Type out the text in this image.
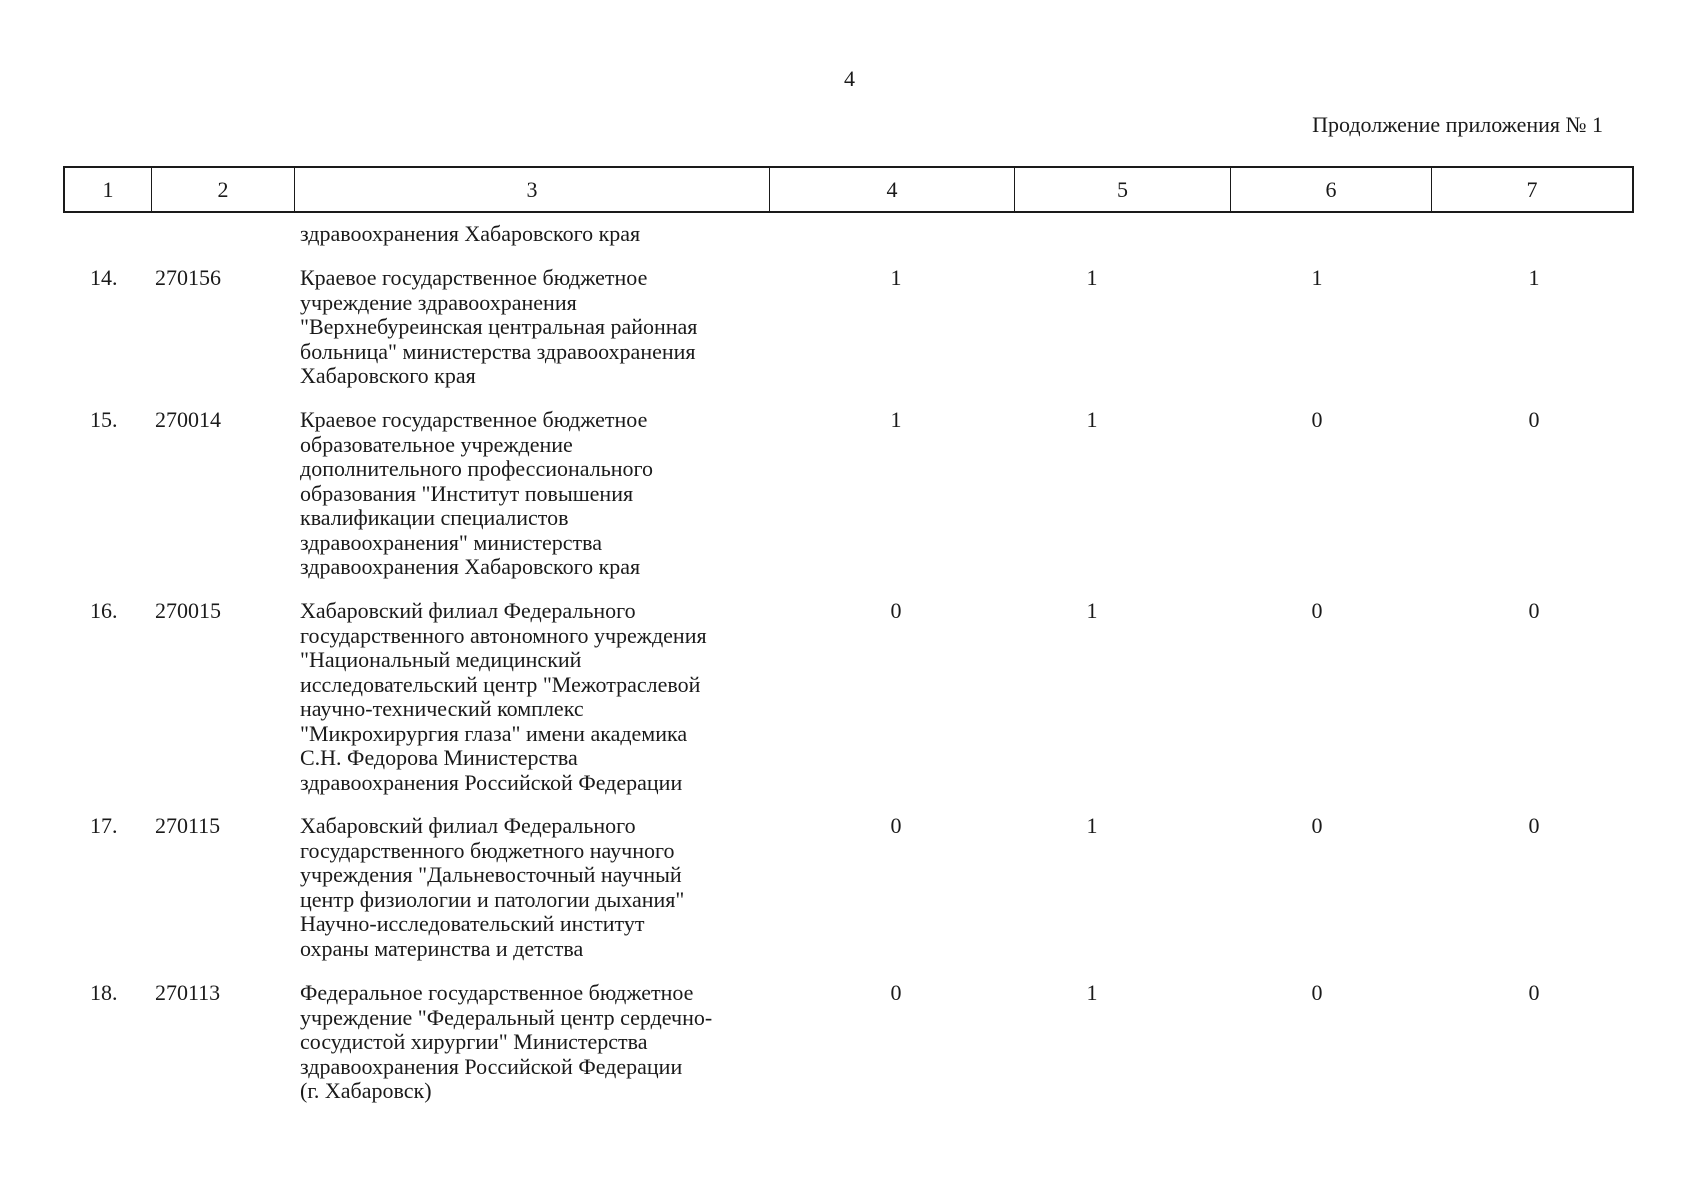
4
Продолжение приложения № 1
1	2	3	4	5	6	7
здравоохранения Хабаровского края
14.	270156	Краевое государственное бюджетное
учреждение здравоохранения
"Верхнебуреинская центральная районная
больница" министерства здравоохранения
Хабаровского края
1	1	1	1
15.	270014	Краевое государственное бюджетное
образовательное учреждение
дополнительного профессионального
образования "Институт повышения
квалификации специалистов
здравоохранения" министерства
здравоохранения Хабаровского края
1	1	0	0
16.	270015	Хабаровский филиал Федерального
государственного автономного учреждения
"Национальный медицинский
исследовательский центр "Межотраслевой
научно-технический комплекс
"Микрохирургия глаза" имени академика
С.Н. Федорова Министерства
здравоохранения Российской Федерации
0	1	0	0
17.	270115	Хабаровский филиал Федерального
государственного бюджетного научного
учреждения "Дальневосточный научный
центр физиологии и патологии дыхания"
Научно-исследовательский институт
охраны материнства и детства
0	1	0	0
18.	270113	Федеральное государственное бюджетное
учреждение "Федеральный центр сердечно-
сосудистой хирургии" Министерства
здравоохранения Российской Федерации
(г. Хабаровск)
0	1	0	0
